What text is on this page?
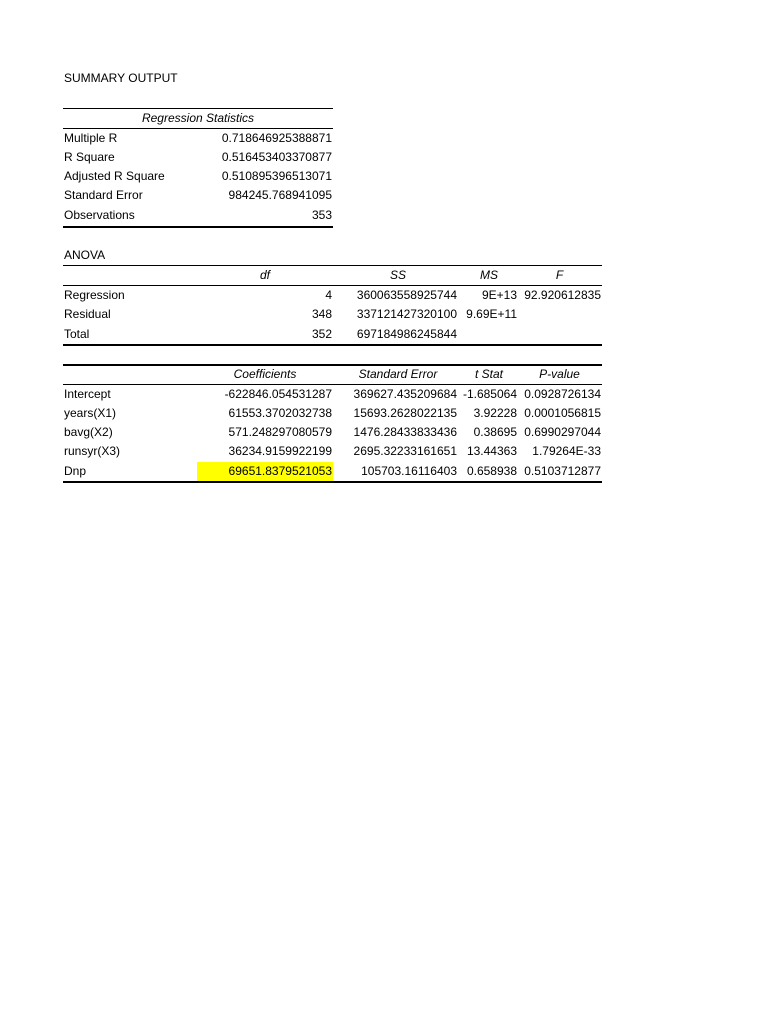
SUMMARY OUTPUT
Regression Statistics
Multiple R	0.718646925388871
R Square	0.516453403370877
Adjusted R Square	0.510895396513071
Standard Error	984245.768941095
Observations	353
ANOVA
df	SS	MS	F
Regression	4	360063558925744	9E+13 92.920612835
Residual	348	337121427320100 9.69E+11
Total	352	697184986245844
Coefficients	Standard Error	t Stat	P-value
Intercept	-622846.054531287	369627.435209684 -1.685064 0.0928726134
years(X1)	61553.3702032738	15693.2628022135	3.92228 0.0001056815
bavg(X2)	571.248297080579	1476.28433833436	0.38695 0.6990297044
runsyr(X3)	36234.9159922199	2695.32233161651 13.44363	1.79264E-33
Dnp	69651.8379521053	105703.16116403 0.658938 0.5103712877
